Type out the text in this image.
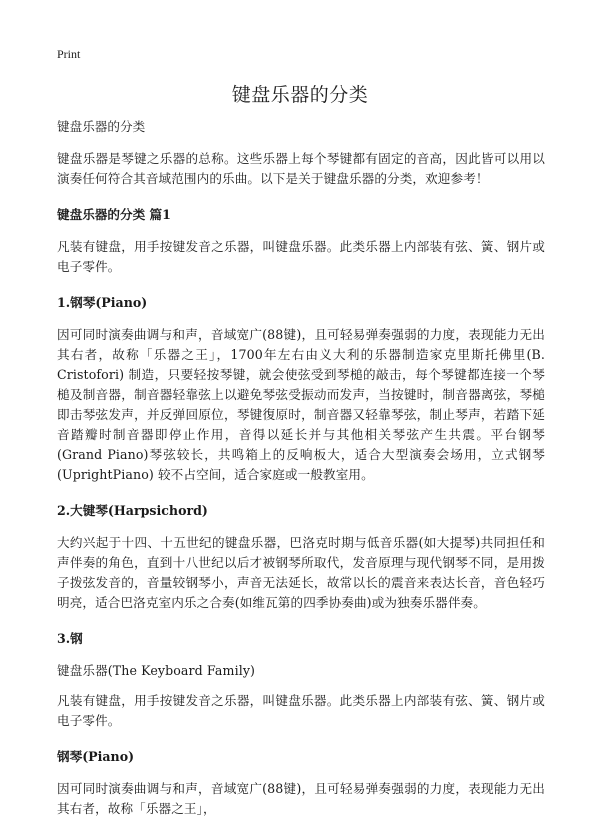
Print
键盘乐器的分类

键盘乐器的分类

键盘乐器是琴键之乐器的总称。这些乐器上每个琴键都有固定的音高，因此皆可以用以演奏任何符合其音域范围内的乐曲。以下是关于键盘乐器的分类，欢迎参考！

键盘乐器的分类 篇1

凡装有键盘，用手按键发音之乐器，叫键盘乐器。此类乐器上内部装有弦、簧、钢片或电子零件。

1.钢琴(Piano)

因可同时演奏曲调与和声，音域宽广(88键)，且可轻易弹奏强弱的力度，表现能力无出其右者，故称「乐器之王」，1700年左右由义大利的乐器制造家克里斯托佛里(B. Cristofori) 制造，只要轻按琴键，就会使弦受到琴槌的敲击，每个琴键都连接一个琴槌及制音器，制音器轻靠弦上以避免琴弦受振动而发声，当按键时，制音器离弦，琴槌即击琴弦发声，并反弹回原位，琴键復原时，制音器又轻靠琴弦，制止琴声，若踏下延音踏瓣时制音器即停止作用，音得以延长并与其他相关琴弦产生共震。平台钢琴(Grand Piano)琴弦较长，共鸣箱上的反响板大，适合大型演奏会场用，立式钢琴(UprightPiano) 较不占空间，适合家庭或一般教室用。

2.大键琴(Harpsichord)

大约兴起于十四、十五世纪的键盘乐器，巴洛克时期与低音乐器(如大提琴)共同担任和声伴奏的角色，直到十八世纪以后才被钢琴所取代，发音原理与现代钢琴不同，是用拨子拨弦发音的，音量较钢琴小，声音无法延长，故常以长的震音来表达长音，音色轻巧明亮，适合巴洛克室内乐之合奏(如维瓦第的四季协奏曲)或为独奏乐器伴奏。

3.钢

键盘乐器(The Keyboard Family)

凡装有键盘，用手按键发音之乐器，叫键盘乐器。此类乐器上内部装有弦、簧、钢片或电子零件。

钢琴(Piano)

因可同时演奏曲调与和声，音域宽广(88键)，且可轻易弹奏强弱的力度，表现能力无出其右者，故称「乐器之王」，
